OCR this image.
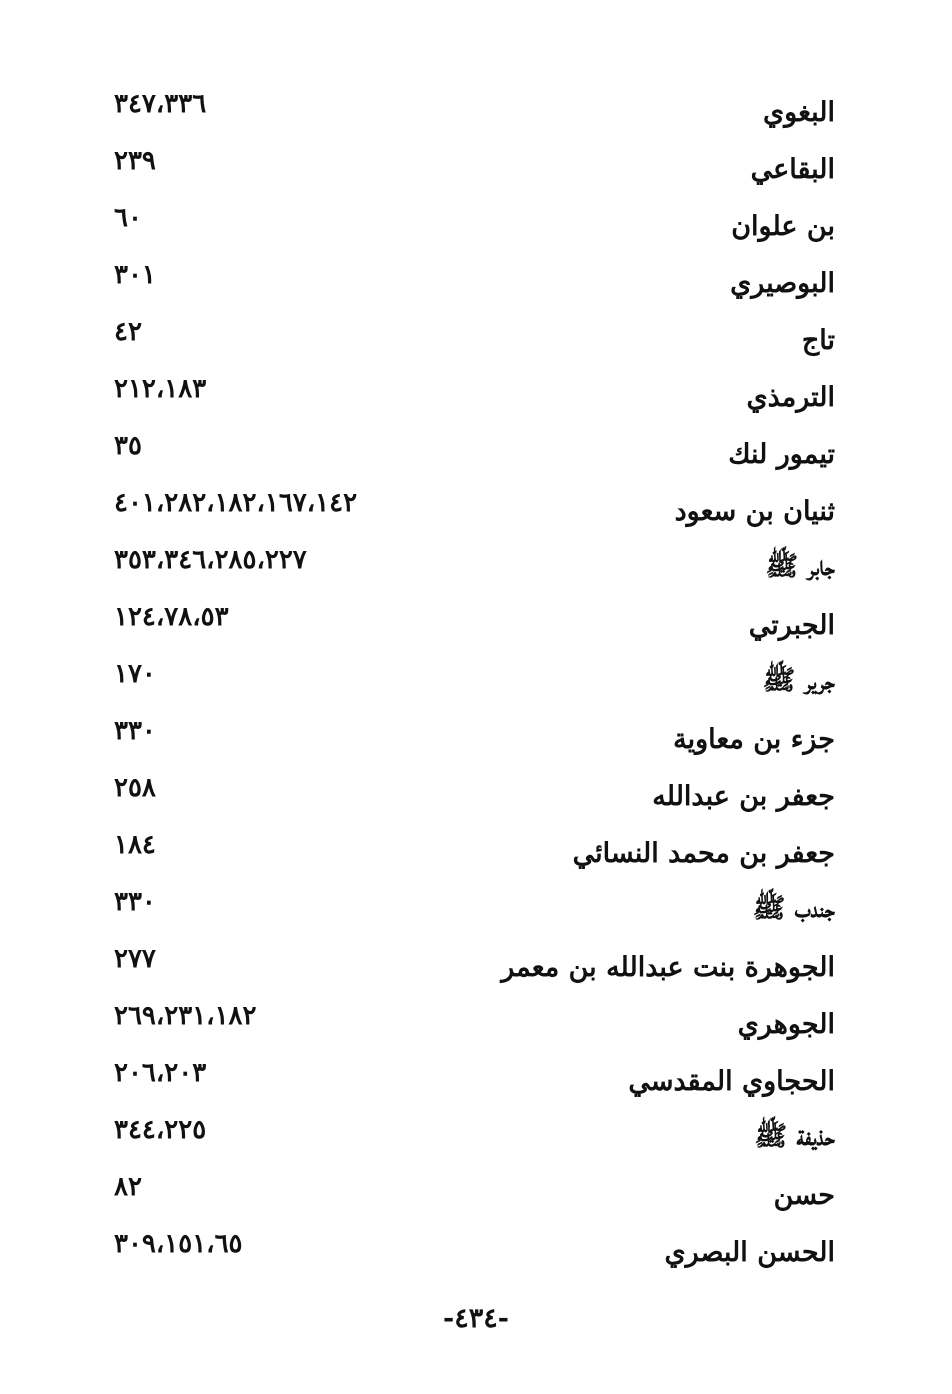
البغوي
٣٤٧،٣٣٦
البقاعي
٢٣٩
بن علوان
٦٠
البوصيري
٣٠١
تاج
٤٢
الترمذي
٢١٢،١٨٣
تيمور لنك
٣٥
ثنيان بن سعود
٤٠١،٢٨٢،١٨٢،١٦٧،١٤٢
جابر ﷺ
٣٥٣،٣٤٦،٢٨٥،٢٢٧
الجبرتي
١٢٤،٧٨،٥٣
جرير ﷺ
١٧٠
جزء بن معاوية
٣٣٠
جعفر بن عبدالله
٢٥٨
جعفر بن محمد النسائي
١٨٤
جندب ﷺ
٣٣٠
الجوهرة بنت عبدالله بن معمر
٢٧٧
الجوهري
٢٦٩،٢٣١،١٨٢
الحجاوي المقدسي
٢٠٦،٢٠٣
حذيفة ﷺ
٣٤٤،٢٢٥
حسن
٨٢
الحسن البصري
٣٠٩،١٥١،٦٥
-٤٣٤-
